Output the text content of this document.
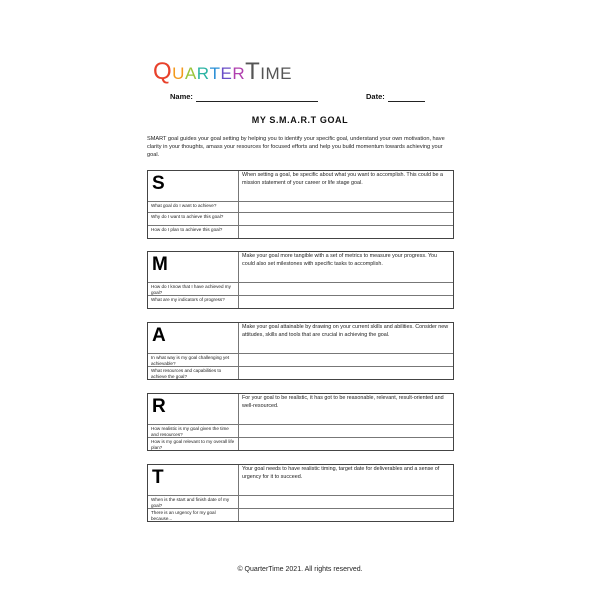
QUARTERTIME
Name:	Date:
MY S.M.A.R.T GOAL
SMART goal guides your goal setting by helping you to identify your specific goal, understand your own motivation, have clarity in your thoughts, amass your resources for focused efforts and help you build momentum towards achieving your goal.
S	When setting a goal, be specific about what you want to accomplish. This could be a mission statement of your career or life stage goal.
What goal do I want to achieve?
Why do I want to achieve this goal?
How do I plan to achieve this goal?
M	Make your goal more tangible with a set of metrics to measure your progress. You could also set milestones with specific tasks to accomplish.
How do I know that I have achieved my goal?
What are my indicators of progress?
A	Make your goal attainable by drawing on your current skills and abilities. Consider new attitudes, skills and tools that are crucial in achieving the goal.
In what way is my goal challenging yet achievable?
What resources and capabilities to achieve the goal?
R	For your goal to be realistic, it has got to be reasonable, relevant, result-oriented and well-resourced.
How realistic is my goal given the time and resources?
How is my goal relevant to my overall life plan?
T	Your goal needs to have realistic timing, target date for deliverables and a sense of urgency for it to succeed.
When is the start and finish date of my goal?
There is an urgency for my goal because...
© QuarterTime 2021. All rights reserved.
